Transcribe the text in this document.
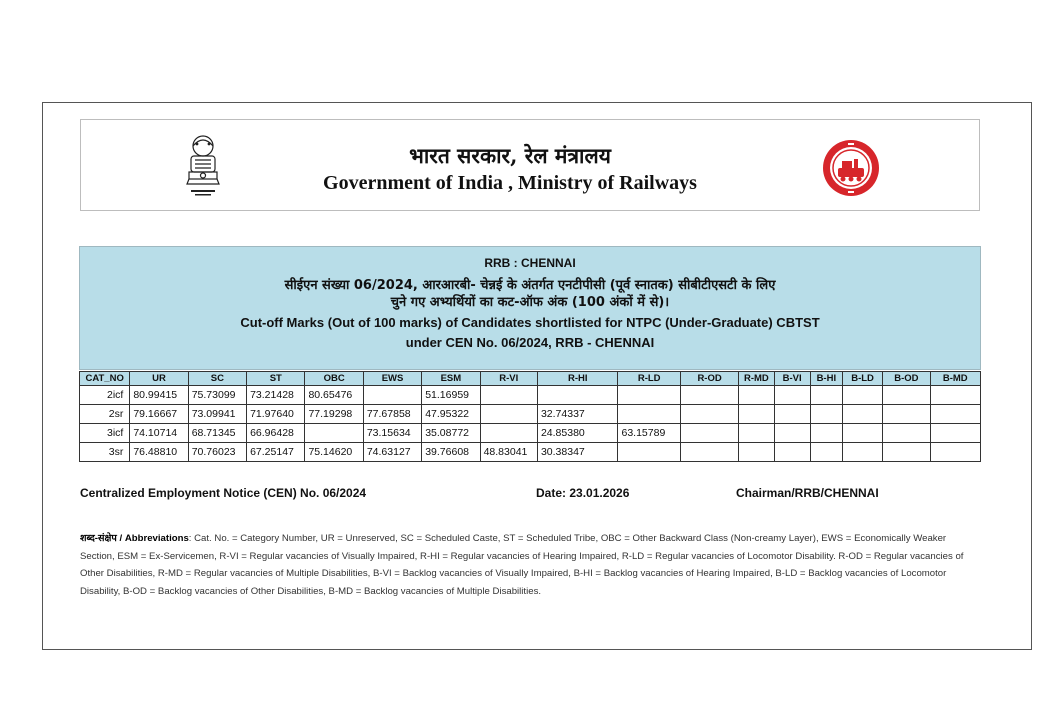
भारत सरकार, रेल मंत्रालय
Government of India , Ministry of Railways
RRB : CHENNAI
सीईएन संख्या 06/2024, आरआरबी- चेन्नई के अंतर्गत एनटीपीसी (पूर्व स्नातक) सीबीटीएसटी के लिए
चुने गए अभ्यर्थियों का कट-ऑफ अंक (100 अंकों में से)।
Cut-off Marks (Out of 100 marks) of Candidates shortlisted for NTPC (Under-Graduate) CBTST
under CEN No. 06/2024, RRB - CHENNAI
CAT_NO	UR	SC	ST	OBC	EWS	ESM	R-VI	R-HI	R-LD	R-OD	R-MD	B-VI	B-HI	B-LD	B-OD	B-MD
2icf	80.99415	75.73099	73.21428	80.65476		51.16959										
2sr	79.16667	73.09941	71.97640	77.19298	77.67858	47.95322		32.74337								
3icf	74.10714	68.71345	66.96428		73.15634	35.08772		24.85380	63.15789							
3sr	76.48810	70.76023	67.25147	75.14620	74.63127	39.76608	48.83041	30.38347								
Centralized Employment Notice (CEN) No. 06/2024	Date: 23.01.2026	Chairman/RRB/CHENNAI
शब्द-संक्षेप / Abbreviations: Cat. No. = Category Number, UR = Unreserved, SC = Scheduled Caste, ST = Scheduled Tribe, OBC = Other Backward Class (Non-creamy Layer), EWS = Economically Weaker Section, ESM = Ex-Servicemen, R-VI = Regular vacancies of Visually Impaired, R-HI = Regular vacancies of Hearing Impaired, R-LD = Regular vacancies of Locomotor Disability. R-OD = Regular vacancies of Other Disabilities, R-MD = Regular vacancies of Multiple Disabilities, B-VI = Backlog vacancies of Visually Impaired, B-HI = Backlog vacancies of Hearing Impaired, B-LD = Backlog vacancies of Locomotor Disability, B-OD = Backlog vacancies of Other Disabilities, B-MD = Backlog vacancies of Multiple Disabilities.
